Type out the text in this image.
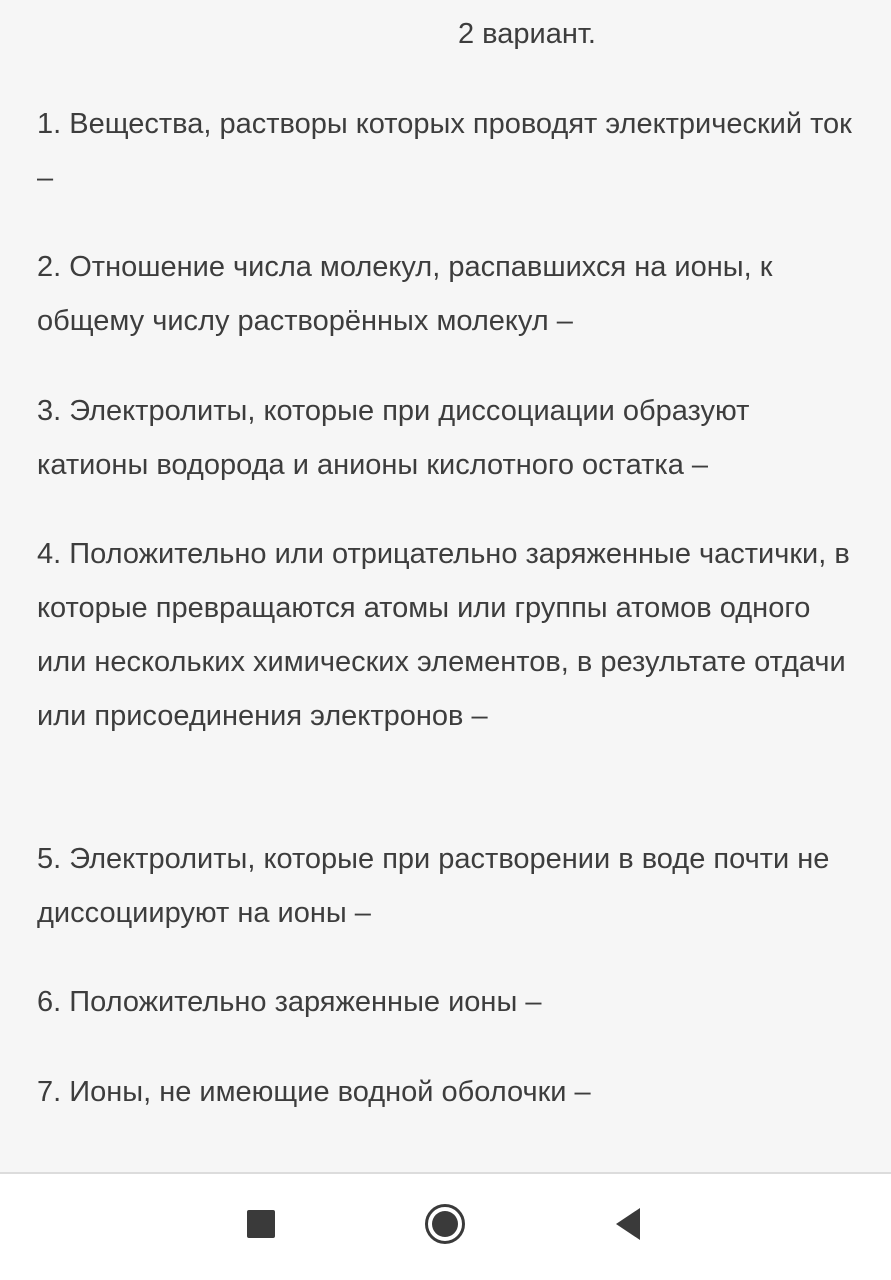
2 вариант.
1. Вещества, растворы которых проводят электрический ток –
2. Отношение числа молекул, распавшихся на ионы, к общему числу растворённых молекул –
3. Электролиты, которые при диссоциации образуют катионы водорода и анионы кислотного остатка –
4. Положительно или отрицательно заряженные частички, в которые превращаются атомы или группы атомов одного или нескольких химических элементов, в результате отдачи или присоединения электронов –
5. Электролиты, которые при растворении в воде почти не диссоциируют на ионы –
6. Положительно заряженные ионы –
7. Ионы, не имеющие водной оболочки –
